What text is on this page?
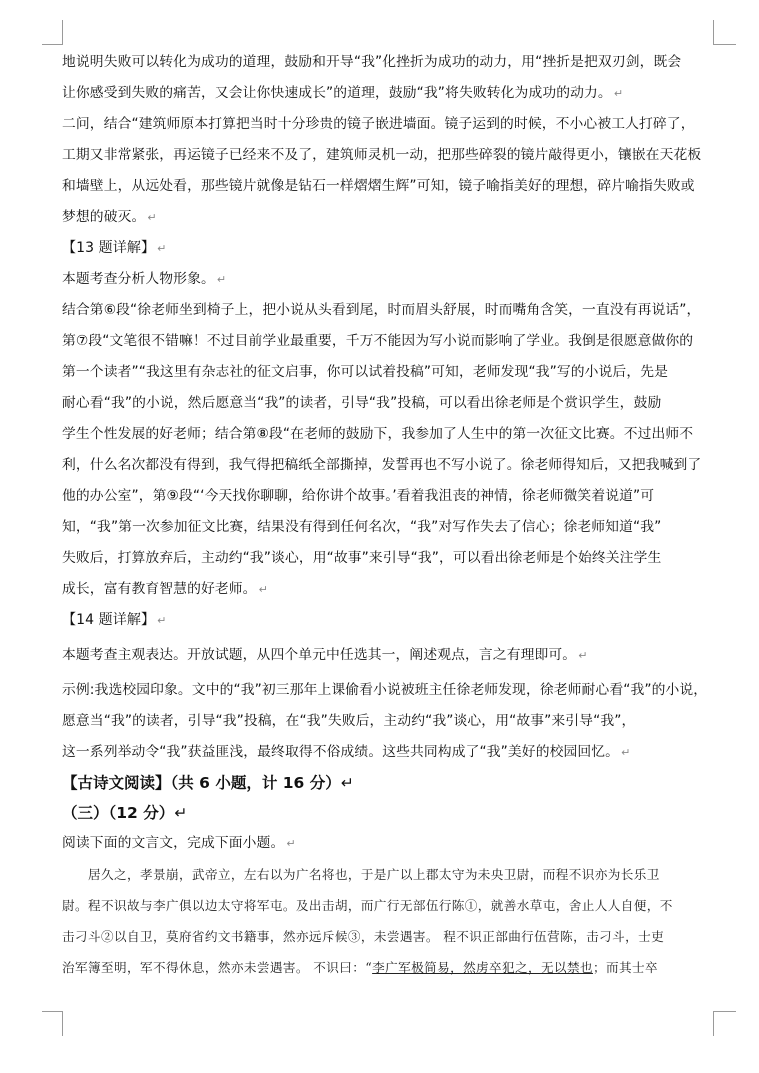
地说明失败可以转化为成功的道理，鼓励和开导“我”化挫折为成功的动力，用“挫折是把双刃剑，既会
让你感受到失败的痛苦，又会让你快速成长”的道理，鼓励“我”将失败转化为成功的动力。 ↵
二问，结合“建筑师原本打算把当时十分珍贵的镜子嵌进墙面。镜子运到的时候，不小心被工人打碎了，
工期又非常紧张，再运镜子已经来不及了，建筑师灵机一动，把那些碎裂的镜片敲得更小，镶嵌在天花板
和墙壁上，从远处看，那些镜片就像是钻石一样熠熠生辉”可知，镜子喻指美好的理想，碎片喻指失败或
梦想的破灭。 ↵
【13 题详解】 ↵
本题考查分析人物形象。 ↵
结合第⑥段“徐老师坐到椅子上，把小说从头看到尾，时而眉头舒展，时而嘴角含笑，一直没有再说话”，
第⑦段“文笔很不错嘛！不过目前学业最重要，千万不能因为写小说而影响了学业。我倒是很愿意做你的
第一个读者”“我这里有杂志社的征文启事，你可以试着投稿”可知，老师发现“我”写的小说后，先是
耐心看“我”的小说，然后愿意当“我”的读者，引导“我”投稿，可以看出徐老师是个赏识学生，鼓励
学生个性发展的好老师；结合第⑧段“在老师的鼓励下，我参加了人生中的第一次征文比赛。不过出师不
利，什么名次都没有得到，我气得把稿纸全部撕掉，发誓再也不写小说了。徐老师得知后，又把我喊到了
他的办公室”，第⑨段“‘今天找你聊聊，给你讲个故事。’看着我沮丧的神情，徐老师微笑着说道”可
知，“我”第一次参加征文比赛，结果没有得到任何名次，“我”对写作失去了信心；徐老师知道“我”
失败后，打算放弃后，主动约“我”谈心，用“故事”来引导“我”，可以看出徐老师是个始终关注学生
成长，富有教育智慧的好老师。 ↵
【14 题详解】 ↵
本题考查主观表达。开放试题，从四个单元中任选其一，阐述观点，言之有理即可。 ↵
示例:我选校园印象。文中的“我”初三那年上课偷看小说被班主任徐老师发现，徐老师耐心看“我”的小说，
愿意当“我”的读者，引导“我”投稿，在“我”失败后，主动约“我”谈心，用“故事”来引导“我”，
这一系列举动令“我”获益匪浅，最终取得不俗成绩。这些共同构成了“我”美好的校园回忆。 ↵
【古诗文阅读】（共 6 小题，计 16 分）↵
（三）（12 分）↵
阅读下面的文言文，完成下面小题。 ↵
居久之，孝景崩，武帝立，左右以为广名将也，于是广以上郡太守为未央卫尉，而程不识亦为长乐卫
尉。程不识故与李广俱以边太守将军屯。及出击胡，而广行无部伍行陈①，就善水草屯，舍止人人自便，不
击刁斗②以自卫，莫府省约文书籍事，然亦远斥候③，未尝遇害。 程不识正部曲行伍营陈，击刁斗，士吏
治军簿至明，军不得休息，然亦未尝遇害。 不识曰：“李广军极简易，然虏卒犯之，无以禁也；而其士卒
